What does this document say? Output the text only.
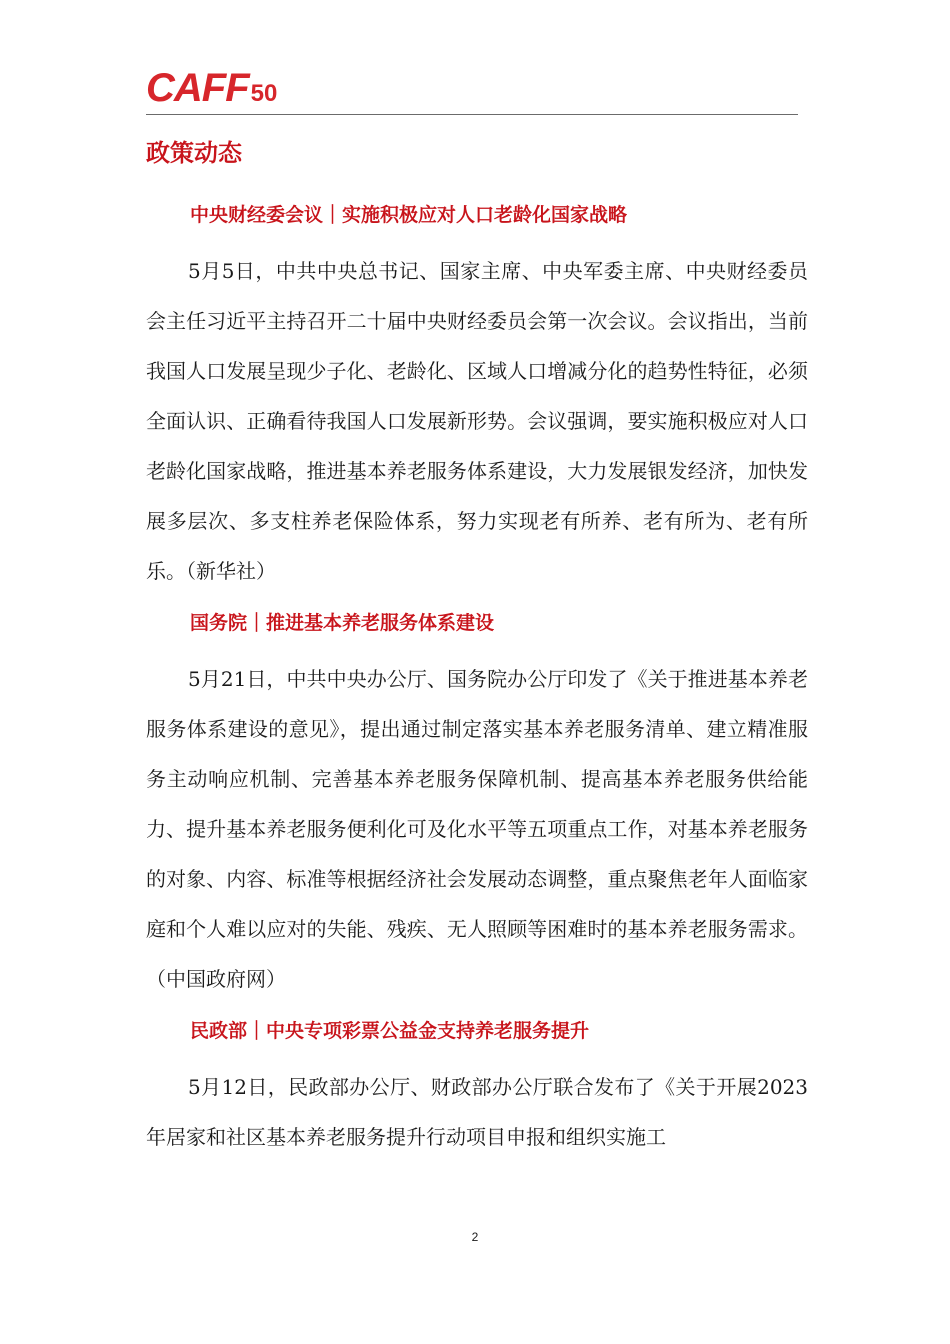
CAFF 50
政策动态
中央财经委会议｜实施积极应对人口老龄化国家战略

5月5日，中共中央总书记、国家主席、中央军委主席、中央财经委员会主任习近平主持召开二十届中央财经委员会第一次会议。会议指出，当前我国人口发展呈现少子化、老龄化、区域人口增减分化的趋势性特征，必须全面认识、正确看待我国人口发展新形势。会议强调，要实施积极应对人口老龄化国家战略，推进基本养老服务体系建设，大力发展银发经济，加快发展多层次、多支柱养老保险体系，努力实现老有所养、老有所为、老有所乐。（新华社）

国务院｜推进基本养老服务体系建设

5月21日，中共中央办公厅、国务院办公厅印发了《关于推进基本养老服务体系建设的意见》，提出通过制定落实基本养老服务清单、建立精准服务主动响应机制、完善基本养老服务保障机制、提高基本养老服务供给能力、提升基本养老服务便利化可及化水平等五项重点工作，对基本养老服务的对象、内容、标准等根据经济社会发展动态调整，重点聚焦老年人面临家庭和个人难以应对的失能、残疾、无人照顾等困难时的基本养老服务需求。（中国政府网）

民政部｜中央专项彩票公益金支持养老服务提升

5月12日，民政部办公厅、财政部办公厅联合发布了《关于开展2023年居家和社区基本养老服务提升行动项目申报和组织实施工

2
